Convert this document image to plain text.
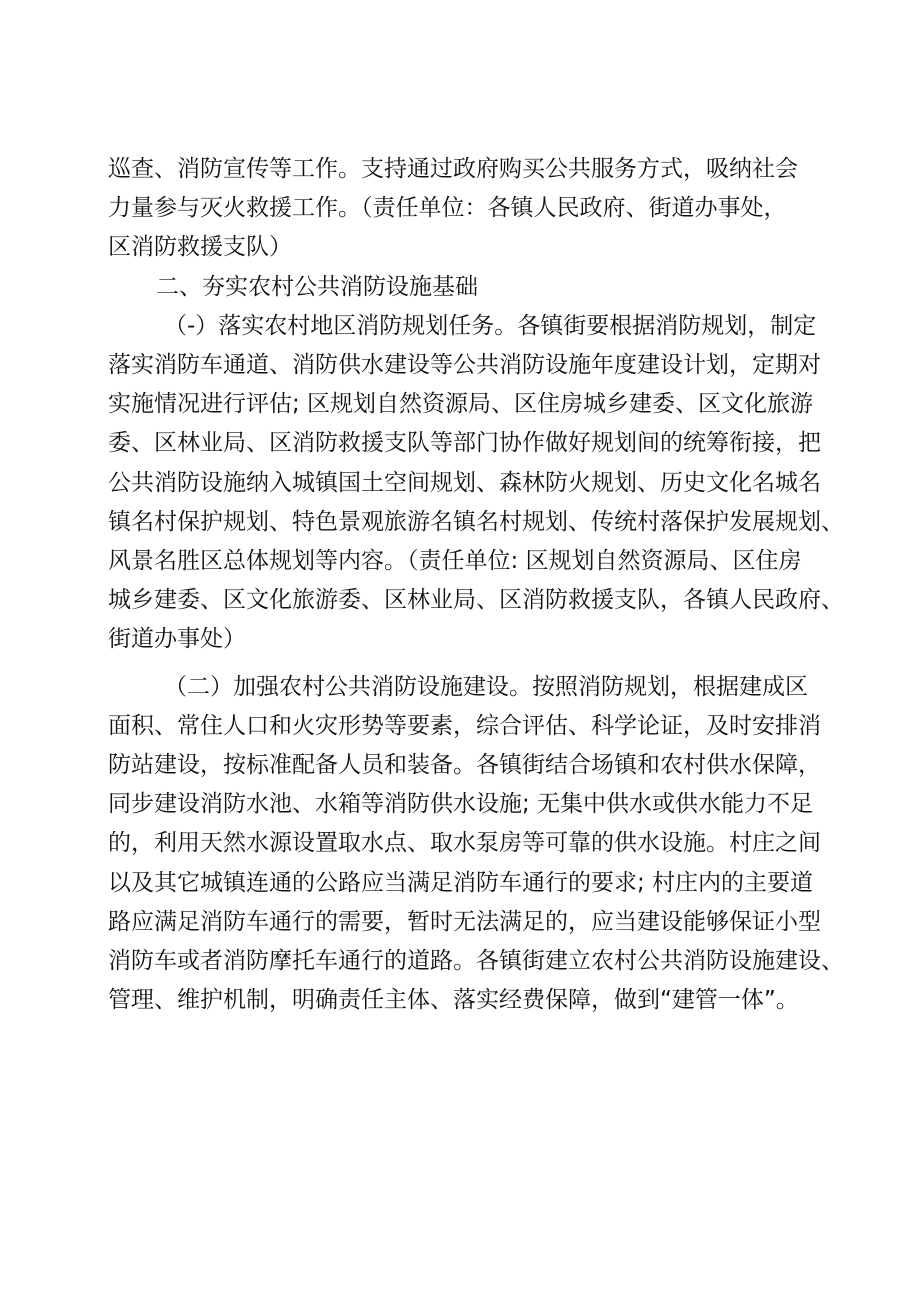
巡查、消防宣传等工作。支持通过政府购买公共服务方式，吸纳社会

力量参与灭火救援工作。（责任单位：各镇人民政府、街道办事处，

区消防救援支队）

二、夯实农村公共消防设施基础

（-）落实农村地区消防规划任务。各镇街要根据消防规划，制定

落实消防车通道、消防供水建设等公共消防设施年度建设计划，定期对

实施情况进行评估; 区规划自然资源局、区住房城乡建委、区文化旅游

委、区林业局、区消防救援支队等部门协作做好规划间的统筹衔接，把

公共消防设施纳入城镇国土空间规划、森林防火规划、历史文化名城名

镇名村保护规划、特色景观旅游名镇名村规划、传统村落保护发展规划、

风景名胜区总体规划等内容。（责任单位: 区规划自然资源局、区住房

城乡建委、区文化旅游委、区林业局、区消防救援支队，各镇人民政府、

街道办事处）

（二）加强农村公共消防设施建设。按照消防规划，根据建成区

面积、常住人口和火灾形势等要素，综合评估、科学论证，及时安排消

防站建设，按标准配备人员和装备。各镇街结合场镇和农村供水保障，

同步建设消防水池、水箱等消防供水设施; 无集中供水或供水能力不足

的，利用天然水源设置取水点、取水泵房等可靠的供水设施。村庄之间

以及其它城镇连通的公路应当满足消防车通行的要求; 村庄内的主要道

路应满足消防车通行的需要，暂时无法满足的，应当建设能够保证小型

消防车或者消防摩托车通行的道路。各镇街建立农村公共消防设施建设、

管理、维护机制，明确责任主体、落实经费保障，做到“建管一体”。
